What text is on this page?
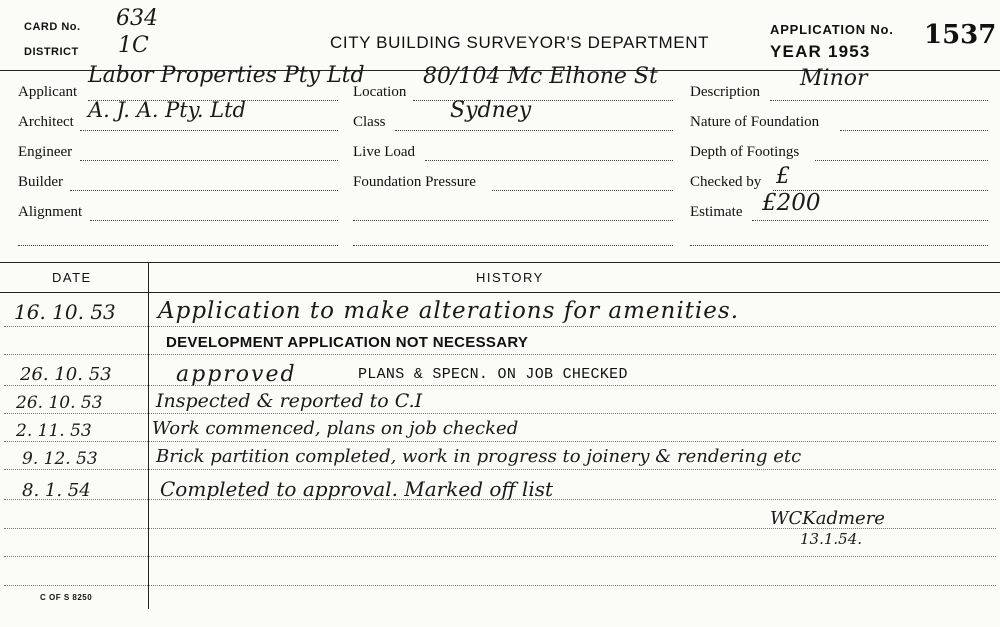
CARD No. 634
DISTRICT 1C	CITY BUILDING SURVEYOR'S DEPARTMENT
APPLICATION No.
YEAR 1953
1537
Applicant
Labor Properties Pty Ltd
Location
80/104 Mc Elhone St
Description
Minor
Architect A. J. A. Pty. Ltd	Class	Sydney	Nature of Foundation
Engineer	Live Load	Depth of Footings
Builder	Foundation Pressure	Checked by £
Alignment	Estimate £200
DATE	HISTORY
16. 10. 53 Application to make alterations for amenities.
DEVELOPMENT APPLICATION NOT NECESSARY
26. 10. 53	approved	PLANS & SPECN. ON JOB CHECKED
26. 10. 53	Inspected & reported to C.I
2. 11. 53	Work commenced, plans on job checked
9. 12. 53	Brick partition completed, work in progress to joinery & rendering etc
8. 1. 54	Completed to approval. Marked off list
WCKadmere
13.1.54.
C OF S 8250
